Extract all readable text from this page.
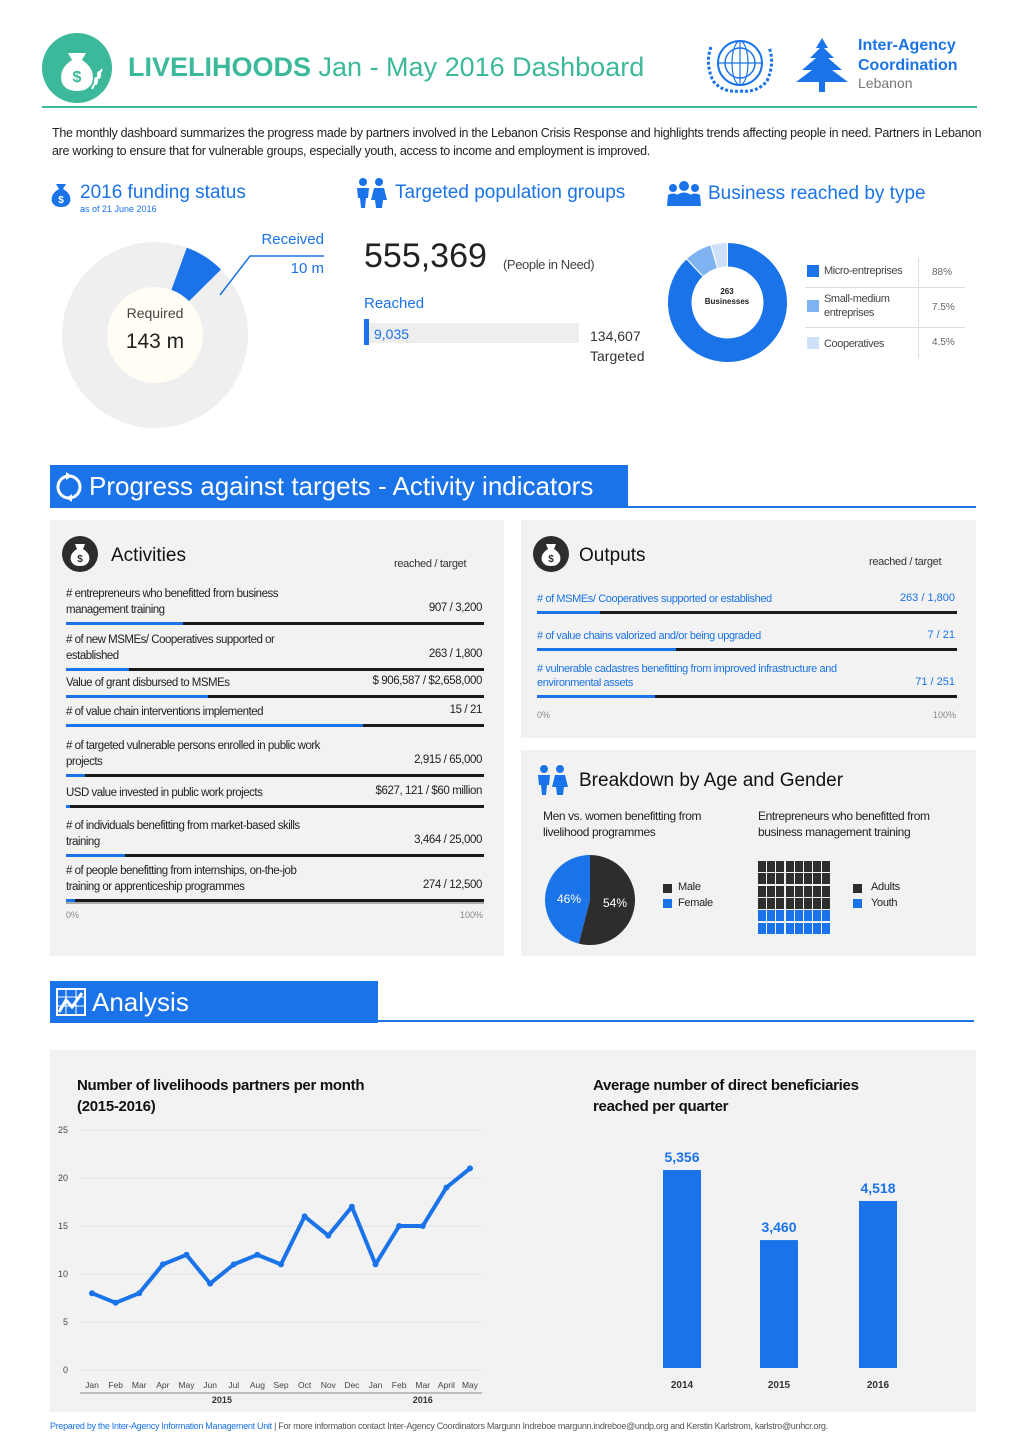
$ LIVELIHOODS Jan - May 2016 Dashboard
Inter-Agency
Coordination
Lebanon
The monthly dashboard summarizes the progress made by partners involved in the Lebanon Crisis Response and highlights trends affecting people in need. Partners in Lebanon are working to ensure that for vulnerable groups, especially youth, access to income and employment is improved.
$ 2016 funding status
as of 21 June 2016
Required
143 m
Received
10 m
Targeted population groups
555,369 (People in Need)
Reached
9,035	134,607
Targeted
Business reached by type
263
Businesses
Micro-entreprises	88%
Small-medium entreprises	7.5%
Cooperatives	4.5%
Progress against targets - Activity indicators
$ Activities	reached / target
# entrepreneurs who benefitted from business management training	907 / 3,200
# of new MSMEs/ Cooperatives supported or established	263 / 1,800
Value of grant disbursed to MSMEs	$ 906,587 / $2,658,000
# of value chain interventions implemented	15 / 21
# of targeted vulnerable persons enrolled in public work projects	2,915 / 65,000
USD value invested in public work projects	$627, 121 / $60 million
# of individuals benefitting from market-based skills training	3,464 / 25,000
# of people benefitting from internships, on-the-job training or apprenticeship programmes	274 / 12,500
0%	100%
$ Outputs	reached / target
# of MSMEs/ Cooperatives supported or established	263 / 1,800
# of value chains valorized and/or being upgraded	7 / 21
# vulnerable cadastres benefitting from improved infrastructure and environmental assets	71 / 251
0%	100%
Breakdown by Age and Gender
Men vs. women benefitting from livelihood programmes
Entrepreneurs who benefitted from business management training
46% 54%
Male
Female
Adults
Youth
Analysis
Number of livelihoods partners per month (2015-2016)
Average number of direct beneficiaries reached per quarter
0
5
10
15
20
25
Jan Feb Mar Apr May Jun Jul Aug Sep Oct Nov Dec Jan Feb Mar April May
2015	2016
5,356
2014
3,460
2015
4,518
2016
Prepared by the Inter-Agency Information Management Unit | For more information contact Inter-Agency Coordinators Margunn Indreboe margunn.indreboe@undp.org and Kerstin Karlstrom, karlstro@unhcr.org.
